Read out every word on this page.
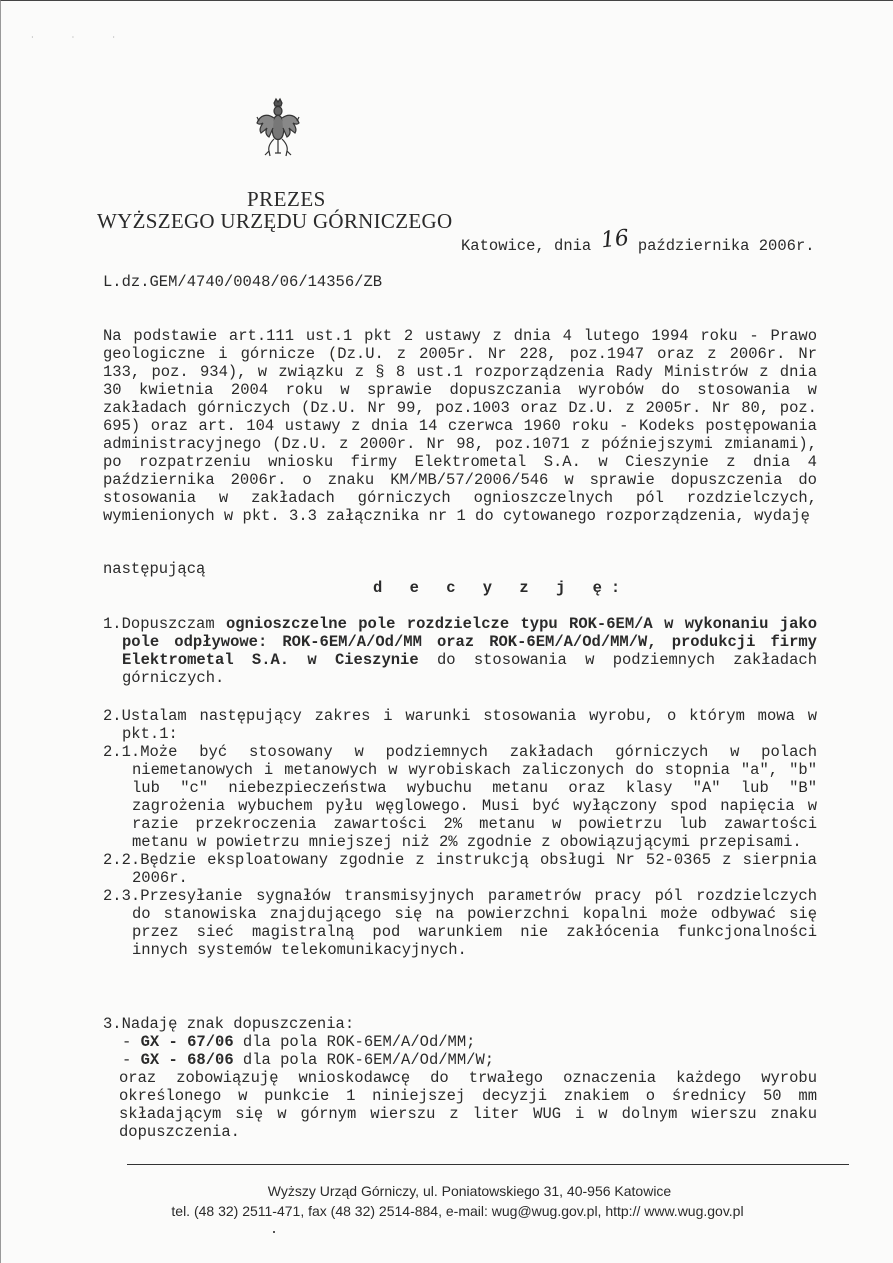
· · ·
PREZES
WYŻSZEGO URZĘDU GÓRNICZEGO
Katowice, dnia 16 października 2006r.
L.dz.GEM/4740/0048/06/14356/ZB
Na podstawie art.111 ust.1 pkt 2 ustawy z dnia 4 lutego 1994 roku - Prawo geologiczne i górnicze (Dz.U. z 2005r. Nr 228, poz.1947 oraz z 2006r. Nr 133, poz. 934), w związku z § 8 ust.1 rozporządzenia Rady Ministrów z dnia 30 kwietnia 2004 roku w sprawie dopuszczania wyrobów do stosowania w zakładach górniczych (Dz.U. Nr 99, poz.1003 oraz Dz.U. z 2005r. Nr 80, poz. 695) oraz art. 104 ustawy z dnia 14 czerwca 1960 roku - Kodeks postępowania administracyjnego (Dz.U. z 2000r. Nr 98, poz.1071 z późniejszymi zmianami), po rozpatrzeniu wniosku firmy Elektrometal S.A. w Cieszynie z dnia 4 października 2006r. o znaku KM/MB/57/2006/546 w sprawie dopuszczenia do stosowania w zakładach górniczych ognioszczelnych pól rozdzielczych, wymienionych w pkt. 3.3 załącznika nr 1 do cytowanego rozporządzenia, wydaję
następującą
d e c y z j ę:
1.Dopuszczam ognioszczelne pole rozdzielcze typu ROK-6EM/A w wykonaniu jako pole odpływowe: ROK-6EM/A/Od/MM oraz ROK-6EM/A/Od/MM/W, produkcji firmy Elektrometal S.A. w Cieszynie do stosowania w podziemnych zakładach górniczych.
2.Ustalam następujący zakres i warunki stosowania wyrobu, o którym mowa w pkt.1:
2.1.Może być stosowany w podziemnych zakładach górniczych w polach niemetanowych i metanowych w wyrobiskach zaliczonych do stopnia "a", "b" lub "c" niebezpieczeństwa wybuchu metanu oraz klasy "A" lub "B" zagrożenia wybuchem pyłu węglowego. Musi być wyłączony spod napięcia w razie przekroczenia zawartości 2% metanu w powietrzu lub zawartości metanu w powietrzu mniejszej niż 2% zgodnie z obowiązującymi przepisami.
2.2.Będzie eksploatowany zgodnie z instrukcją obsługi Nr 52-0365 z sierpnia 2006r.
2.3.Przesyłanie sygnałów transmisyjnych parametrów pracy pól rozdzielczych do stanowiska znajdującego się na powierzchni kopalni może odbywać się przez sieć magistralną pod warunkiem nie zakłócenia funkcjonalności innych systemów telekomunikacyjnych.
3.Nadaję znak dopuszczenia:
- GX - 67/06 dla pola ROK-6EM/A/Od/MM;
- GX - 68/06 dla pola ROK-6EM/A/Od/MM/W;
oraz zobowiązuję wnioskodawcę do trwałego oznaczenia każdego wyrobu określonego w punkcie 1 niniejszej decyzji znakiem o średnicy 50 mm składającym się w górnym wierszu z liter WUG i w dolnym wierszu znaku dopuszczenia.
Wyższy Urząd Górniczy, ul. Poniatowskiego 31, 40-956 Katowice
tel. (48 32) 2511-471, fax (48 32) 2514-884, e-mail: wug@wug.gov.pl, http:// www.wug.gov.pl
